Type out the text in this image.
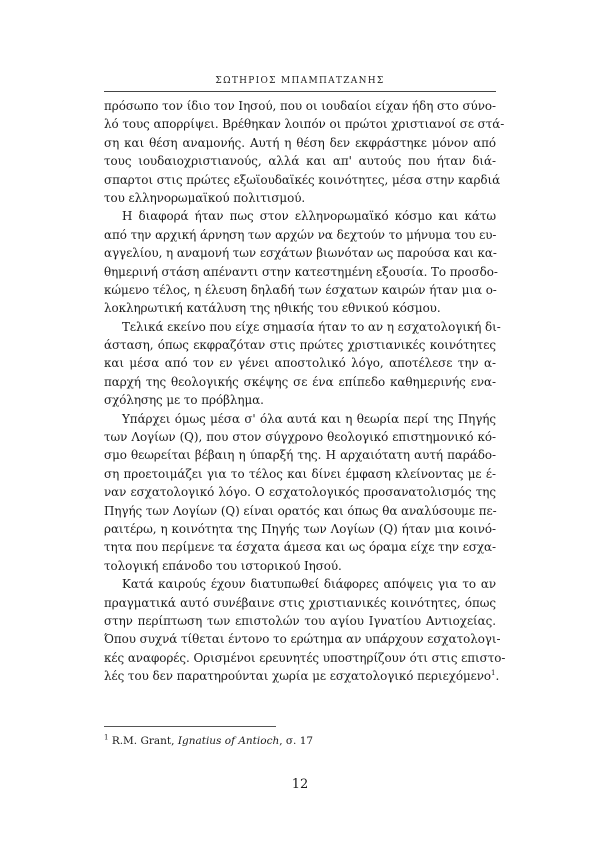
ΣΩΤΗΡΙΟΣ ΜΠΑΜΠΑΤΖΑΝΗΣ
πρόσωπο τον ίδιο τον Ιησού, που οι ιουδαίοι είχαν ήδη στο σύνο-
λό τους απορρίψει. Βρέθηκαν λοιπόν οι πρώτοι χριστιανοί σε στά-
ση και θέση αναμονής. Αυτή η θέση δεν εκφράστηκε μόνον από
τους ιουδαιοχριστιανούς, αλλά και απ' αυτούς που ήταν διά-
σπαρτοι στις πρώτες εξωϊουδαϊκές κοινότητες, μέσα στην καρδιά
του ελληνορωμαϊκού πολιτισμού.
Η διαφορά ήταν πως στον ελληνορωμαϊκό κόσμο και κάτω
από την αρχική άρνηση των αρχών να δεχτούν το μήνυμα του ευ-
αγγελίου, η αναμονή των εσχάτων βιωνόταν ως παρούσα και κα-
θημερινή στάση απέναντι στην κατεστημένη εξουσία. Το προσδο-
κώμενο τέλος, η έλευση δηλαδή των έσχατων καιρών ήταν μια ο-
λοκληρωτική κατάλυση της ηθικής του εθνικού κόσμου.
Τελικά εκείνο που είχε σημασία ήταν το αν η εσχατολογική δι-
άσταση, όπως εκφραζόταν στις πρώτες χριστιανικές κοινότητες
και μέσα από τον εν γένει αποστολικό λόγο, αποτέλεσε την α-
παρχή της θεολογικής σκέψης σε ένα επίπεδο καθημερινής ενα-
σχόλησης με το πρόβλημα.
Υπάρχει όμως μέσα σ' όλα αυτά και η θεωρία περί της Πηγής
των Λογίων (Q), που στον σύγχρονο θεολογικό επιστημονικό κό-
σμο θεωρείται βέβαιη η ύπαρξή της. Η αρχαιότατη αυτή παράδο-
ση προετοιμάζει για το τέλος και δίνει έμφαση κλείνοντας με έ-
ναν εσχατολογικό λόγο. Ο εσχατολογικός προσανατολισμός της
Πηγής των Λογίων (Q) είναι ορατός και όπως θα αναλύσουμε πε-
ραιτέρω, η κοινότητα της Πηγής των Λογίων (Q) ήταν μια κοινό-
τητα που περίμενε τα έσχατα άμεσα και ως όραμα είχε την εσχα-
τολογική επάνοδο του ιστορικού Ιησού.
Κατά καιρούς έχουν διατυπωθεί διάφορες απόψεις για το αν
πραγματικά αυτό συνέβαινε στις χριστιανικές κοινότητες, όπως
στην περίπτωση των επιστολών του αγίου Ιγνατίου Αντιοχείας.
Όπου συχνά τίθεται έντονο το ερώτημα αν υπάρχουν εσχατολογι-
κές αναφορές. Ορισμένοι ερευνητές υποστηρίζουν ότι στις επιστο-
λές του δεν παρατηρούνται χωρία με εσχατολογικό περιεχόμενο$^1$.
$^1$ R.M. Grant, Ignatius of Antioch, σ. 17
12
